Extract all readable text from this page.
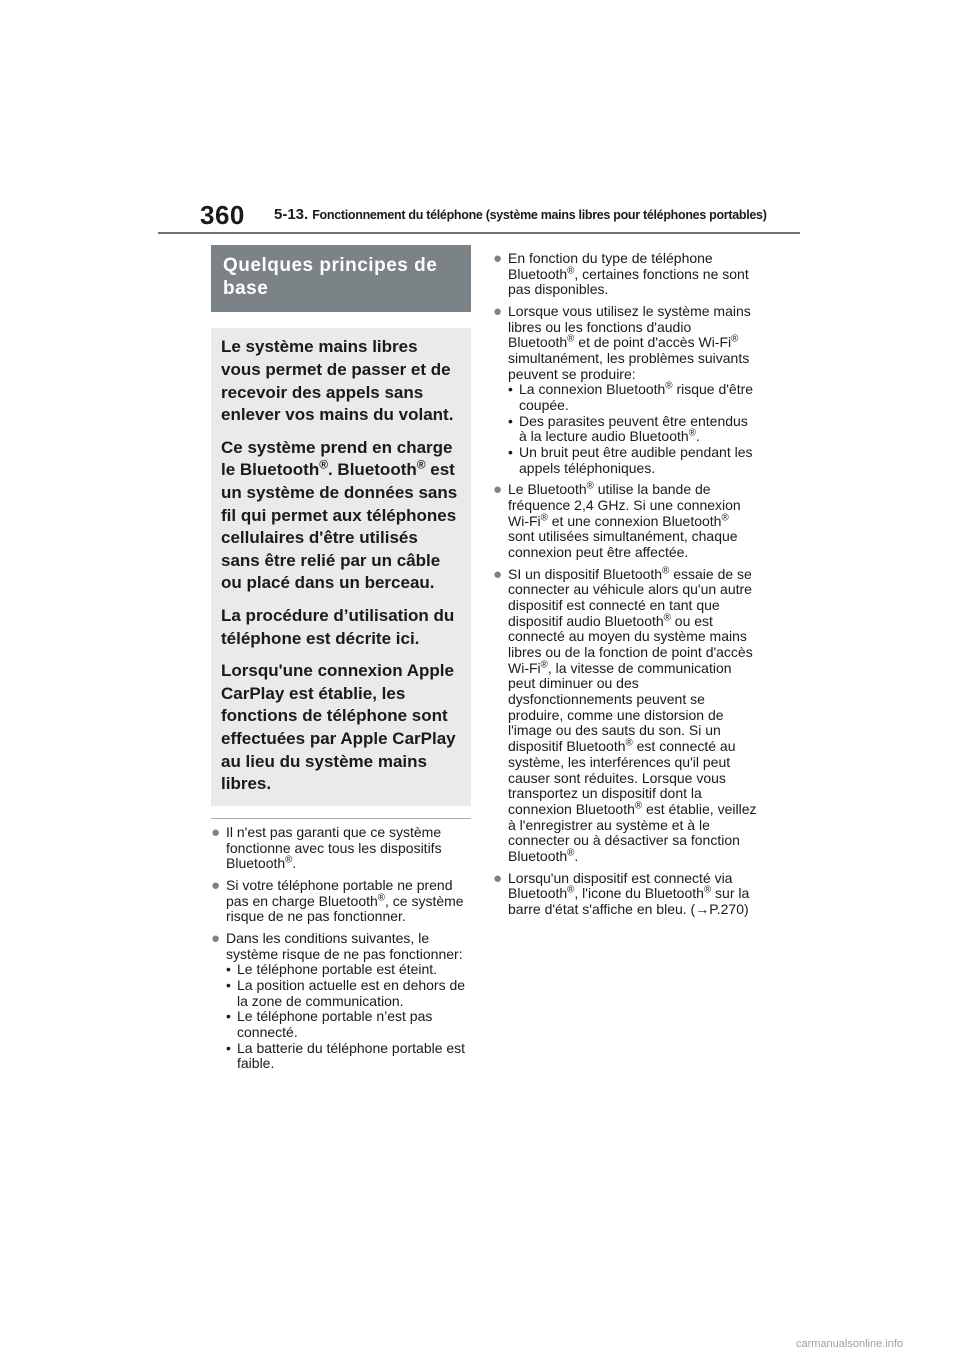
360 5-13. Fonctionnement du téléphone (système mains libres pour téléphones portables)
Quelques principes de base

Le système mains libres vous permet de passer et de recevoir des appels sans enlever vos mains du volant.

Ce système prend en charge le Bluetooth®. Bluetooth® est un système de données sans fil qui permet aux téléphones cellulaires d'être utilisés sans être relié par un câble ou placé dans un berceau.

La procédure d’utilisation du téléphone est décrite ici.

Lorsqu'une connexion Apple CarPlay est établie, les fonctions de téléphone sont effectuées par Apple CarPlay au lieu du système mains libres.

● Il n'est pas garanti que ce système fonctionne avec tous les dispositifs Bluetooth®.
● Si votre téléphone portable ne prend pas en charge Bluetooth®, ce système risque de ne pas fonctionner.
● Dans les conditions suivantes, le système risque de ne pas fonctionner:
• Le téléphone portable est éteint.
• La position actuelle est en dehors de la zone de communication.
• Le téléphone portable n’est pas connecté.
• La batterie du téléphone portable est faible.
● En fonction du type de téléphone Bluetooth®, certaines fonctions ne sont pas disponibles.
● Lorsque vous utilisez le système mains libres ou les fonctions d'audio Bluetooth® et de point d'accès Wi-Fi® simultanément, les problèmes suivants peuvent se produire:
• La connexion Bluetooth® risque d'être coupée.
• Des parasites peuvent être entendus à la lecture audio Bluetooth®.
• Un bruit peut être audible pendant les appels téléphoniques.
● Le Bluetooth® utilise la bande de fréquence 2,4 GHz. Si une connexion Wi-Fi® et une connexion Bluetooth® sont utilisées simultanément, chaque connexion peut être affectée.
● SI un dispositif Bluetooth® essaie de se connecter au véhicule alors qu'un autre dispositif est connecté en tant que dispositif audio Bluetooth® ou est connecté au moyen du système mains libres ou de la fonction de point d'accès Wi-Fi®, la vitesse de communication peut diminuer ou des dysfonctionnements peuvent se produire, comme une distorsion de l'image ou des sauts du son. Si un dispositif Bluetooth® est connecté au système, les interférences qu'il peut causer sont réduites. Lorsque vous transportez un dispositif dont la connexion Bluetooth® est établie, veillez à l'enregistrer au système et à le connecter ou à désactiver sa fonction Bluetooth®.
● Lorsqu'un dispositif est connecté via Bluetooth®, l'icone du Bluetooth® sur la barre d'état s'affiche en bleu. (→P.270)
carmanualsonline.info
